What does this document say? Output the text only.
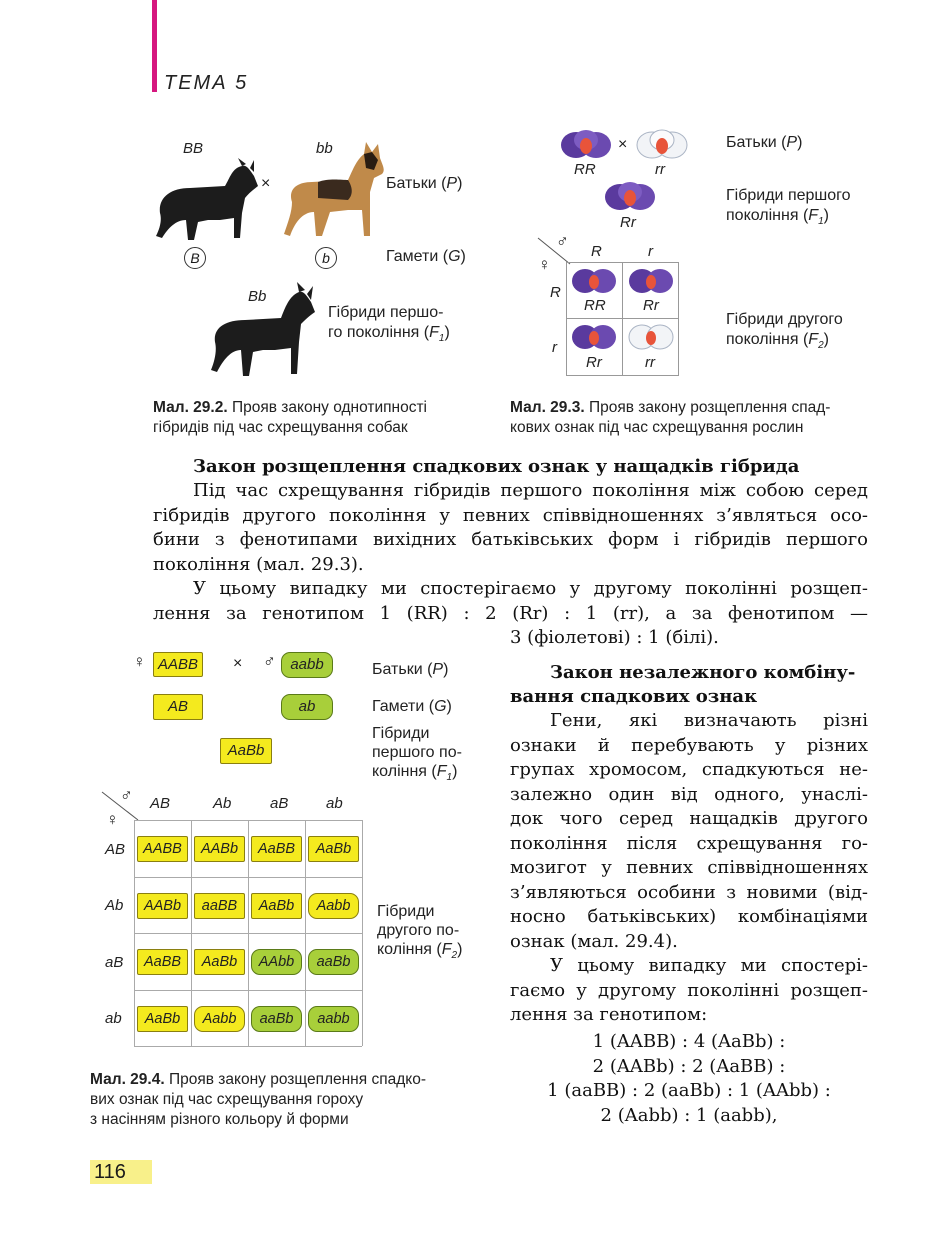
ТЕМА 5
BB	bb
×	Батьки (P)
B	b	Гамети (G)
Bb
Гібриди першо-
го покоління $(F_1)$
Мал. 29.2. Прояв закону однотипності
гібридів під час схрещування собак
×
RR	rr
Батьки (P)
Rr
Гібриди першого
покоління $(F_1)$
♂
♀
R	r
R
r
RR Rr
Rr	rr
Гібриди другого
покоління $(F_2)$
Мал. 29.3. Прояв закону розщеплення спад-
кових ознак під час схрещування рослин
Закон розщеплення спадкових ознак у нащадків гібрида
Під час схрещування гібридів першого покоління між собою серед
гібридів другого покоління у певних співвідношеннях з’являться осо-
бини з фенотипами вихідних батьківських форм і гібридів першого
покоління (мал. 29.3).
У цьому випадку ми спостерігаємо у другому поколінні розщеп-
лення за генотипом 1 (RR) : 2 (Rr) : 1 (rr), а за фенотипом —
3 (фіолетові) : 1 (білі).
♀ AABB	× ♂ aabb	Батьки (P)
AB	ab	Гамети (G)
AaBb
Гібриди
першого по-
коління $(F_1)$
♂
♀
AB	Ab	aB	ab
AB
Ab
aB
ab
AABB	AABb	AaBB	AaBb
AABb	aaBB	AaBb	Aabb
AaBB	AaBb	AAbb	aaBb
AaBb	Aabb	aaBb	aabb
Гібриди
другого по-
коління $(F_2)$
Мал. 29.4. Прояв закону розщеплення спадко-
вих ознак під час схрещування гороху
з насінням різного кольору й форми
Закон незалежного комбіну-
вання спадкових ознак
Гени, які визначають різні
ознаки й перебувають у різних
групах хромосом, спадкуються не-
залежно один від одного, унаслі-
док чого серед нащадків другого
покоління після схрещування го-
мозигот у певних співвідношеннях
з’являються особини з новими (від-
носно батьківських) комбінаціями
ознак (мал. 29.4).
У цьому випадку ми спостері-
гаємо у другому поколінні розщеп-
лення за генотипом:
1 (AABB) : 4 (AaBb) :
2 (AABb) : 2 (AaBB) :
1 (aaBB) : 2 (aaBb) : 1 (AAbb) :
2 (Aabb) : 1 (aabb),
116
